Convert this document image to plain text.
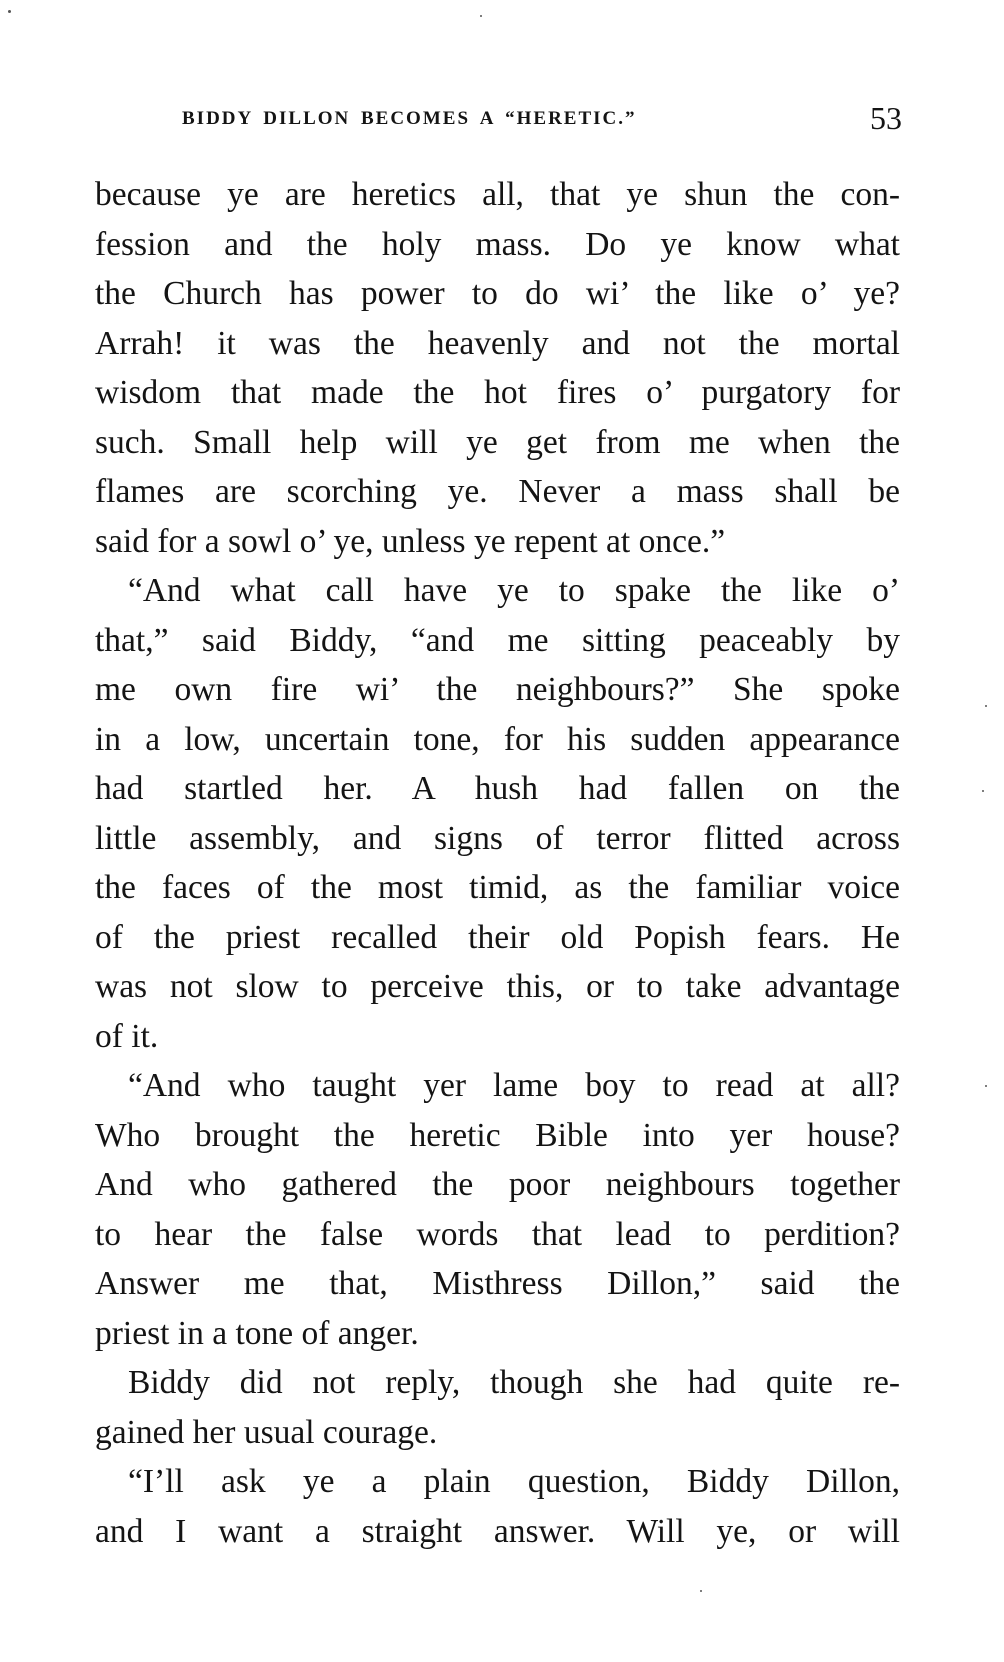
BIDDY DILLON BECOMES A “HERETIC.”	53
because ye are heretics all, that ye shun the con-
fession and the holy mass. Do ye know what
the Church has power to do wi’ the like o’ ye?
Arrah! it was the heavenly and not the mortal
wisdom that made the hot fires o’ purgatory for
such. Small help will ye get from me when the
flames are scorching ye. Never a mass shall be
said for a sowl o’ ye, unless ye repent at once.”
“And what call have ye to spake the like o’
that,” said Biddy, “and me sitting peaceably by
me own fire wi’ the neighbours?” She spoke
in a low, uncertain tone, for his sudden appearance
had startled her. A hush had fallen on the
little assembly, and signs of terror flitted across
the faces of the most timid, as the familiar voice
of the priest recalled their old Popish fears. He
was not slow to perceive this, or to take advantage
of it.
“And who taught yer lame boy to read at all?
Who brought the heretic Bible into yer house?
And who gathered the poor neighbours together
to hear the false words that lead to perdition?
Answer me that, Misthress Dillon,” said the
priest in a tone of anger.
Biddy did not reply, though she had quite re-
gained her usual courage.
“I’ll ask ye a plain question, Biddy Dillon,
and I want a straight answer. Will ye, or will
